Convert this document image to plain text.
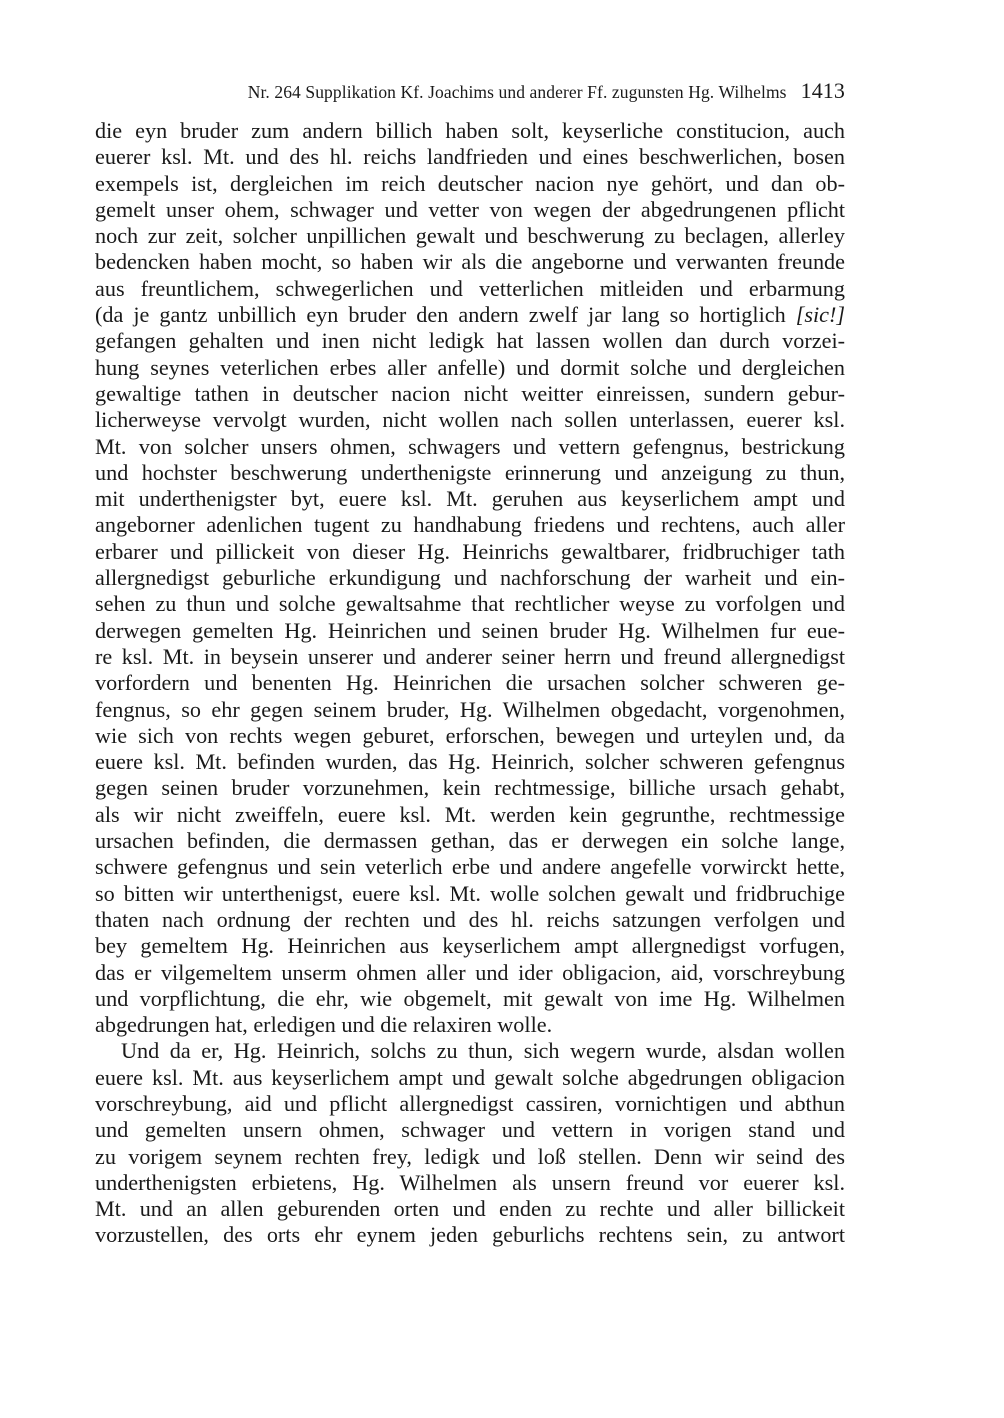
Nr. 264 Supplikation Kf. Joachims und anderer Ff. zugunsten Hg. Wilhelms 1413
die eyn bruder zum andern billich haben solt, keyserliche constitucion, auch
euerer ksl. Mt. und des hl. reichs landfrieden und eines beschwerlichen, bosen
exempels ist, dergleichen im reich deutscher nacion nye gehört, und dan ob-
gemelt unser ohem, schwager und vetter von wegen der abgedrungenen pflicht
noch zur zeit, solcher unpillichen gewalt und beschwerung zu beclagen, allerley
bedencken haben mocht, so haben wir als die angeborne und verwanten freunde
aus freuntlichem, schwegerlichen und vetterlichen mitleiden und erbarmung
(da je gantz unbillich eyn bruder den andern zwelf jar lang so hortiglich [sic!]
gefangen gehalten und inen nicht ledigk hat lassen wollen dan durch vorzei-
hung seynes veterlichen erbes aller anfelle) und dormit solche und dergleichen
gewaltige tathen in deutscher nacion nicht weitter einreissen, sundern gebur-
licherweyse vervolgt wurden, nicht wollen nach sollen unterlassen, euerer ksl.
Mt. von solcher unsers ohmen, schwagers und vettern gefengnus, bestrickung
und hochster beschwerung underthenigste erinnerung und anzeigung zu thun,
mit underthenigster byt, euere ksl. Mt. geruhen aus keyserlichem ampt und
angeborner adenlichen tugent zu handhabung friedens und rechtens, auch aller
erbarer und pillickeit von dieser Hg. Heinrichs gewaltbarer, fridbruchiger tath
allergnedigst geburliche erkundigung und nachforschung der warheit und ein-
sehen zu thun und solche gewaltsahme that rechtlicher weyse zu vorfolgen und
derwegen gemelten Hg. Heinrichen und seinen bruder Hg. Wilhelmen fur eue-
re ksl. Mt. in beysein unserer und anderer seiner herrn und freund allergnedigst
vorfordern und benenten Hg. Heinrichen die ursachen solcher schweren ge-
fengnus, so ehr gegen seinem bruder, Hg. Wilhelmen obgedacht, vorgenohmen,
wie sich von rechts wegen geburet, erforschen, bewegen und urteylen und, da
euere ksl. Mt. befinden wurden, das Hg. Heinrich, solcher schweren gefengnus
gegen seinen bruder vorzunehmen, kein rechtmessige, billiche ursach gehabt,
als wir nicht zweiffeln, euere ksl. Mt. werden kein gegrunthe, rechtmessige
ursachen befinden, die dermassen gethan, das er derwegen ein solche lange,
schwere gefengnus und sein veterlich erbe und andere angefelle vorwirckt hette,
so bitten wir unterthenigst, euere ksl. Mt. wolle solchen gewalt und fridbruchige
thaten nach ordnung der rechten und des hl. reichs satzungen verfolgen und
bey gemeltem Hg. Heinrichen aus keyserlichem ampt allergnedigst vorfugen,
das er vilgemeltem unserm ohmen aller und ider obligacion, aid, vorschreybung
und vorpflichtung, die ehr, wie obgemelt, mit gewalt von ime Hg. Wilhelmen
abgedrungen hat, erledigen und die relaxiren wolle.
Und da er, Hg. Heinrich, solchs zu thun, sich wegern wurde, alsdan wollen
euere ksl. Mt. aus keyserlichem ampt und gewalt solche abgedrungen obligacion
vorschreybung, aid und pflicht allergnedigst cassiren, vornichtigen und abthun
und gemelten unsern ohmen, schwager und vettern in vorigen stand und
zu vorigem seynem rechten frey, ledigk und loß stellen. Denn wir seind des
underthenigsten erbietens, Hg. Wilhelmen als unsern freund vor euerer ksl.
Mt. und an allen geburenden orten und enden zu rechte und aller billickeit
vorzustellen, des orts ehr eynem jeden geburlichs rechtens sein, zu antwort
